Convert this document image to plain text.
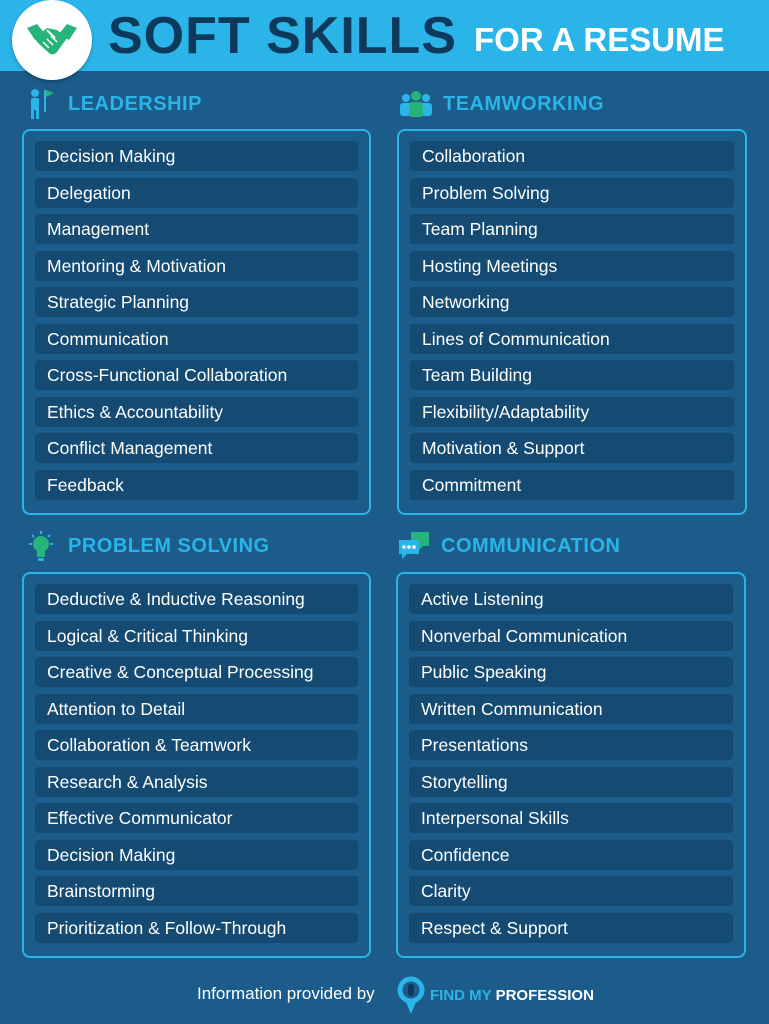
SOFT SKILLS FOR A RESUME
LEADERSHIP
Decision Making
Delegation
Management
Mentoring & Motivation
Strategic Planning
Communication
Cross-Functional Collaboration
Ethics & Accountability
Conflict Management
Feedback
TEAMWORKING
Collaboration
Problem Solving
Team Planning
Hosting Meetings
Networking
Lines of Communication
Team Building
Flexibility/Adaptability
Motivation & Support
Commitment
PROBLEM SOLVING
Deductive & Inductive Reasoning
Logical & Critical Thinking
Creative & Conceptual Processing
Attention to Detail
Collaboration & Teamwork
Research & Analysis
Effective Communicator
Decision Making
Brainstorming
Prioritization & Follow-Through
COMMUNICATION
Active Listening
Nonverbal Communication
Public Speaking
Written Communication
Presentations
Storytelling
Interpersonal Skills
Confidence
Clarity
Respect & Support
Information provided by	FIND MY PROFESSION
